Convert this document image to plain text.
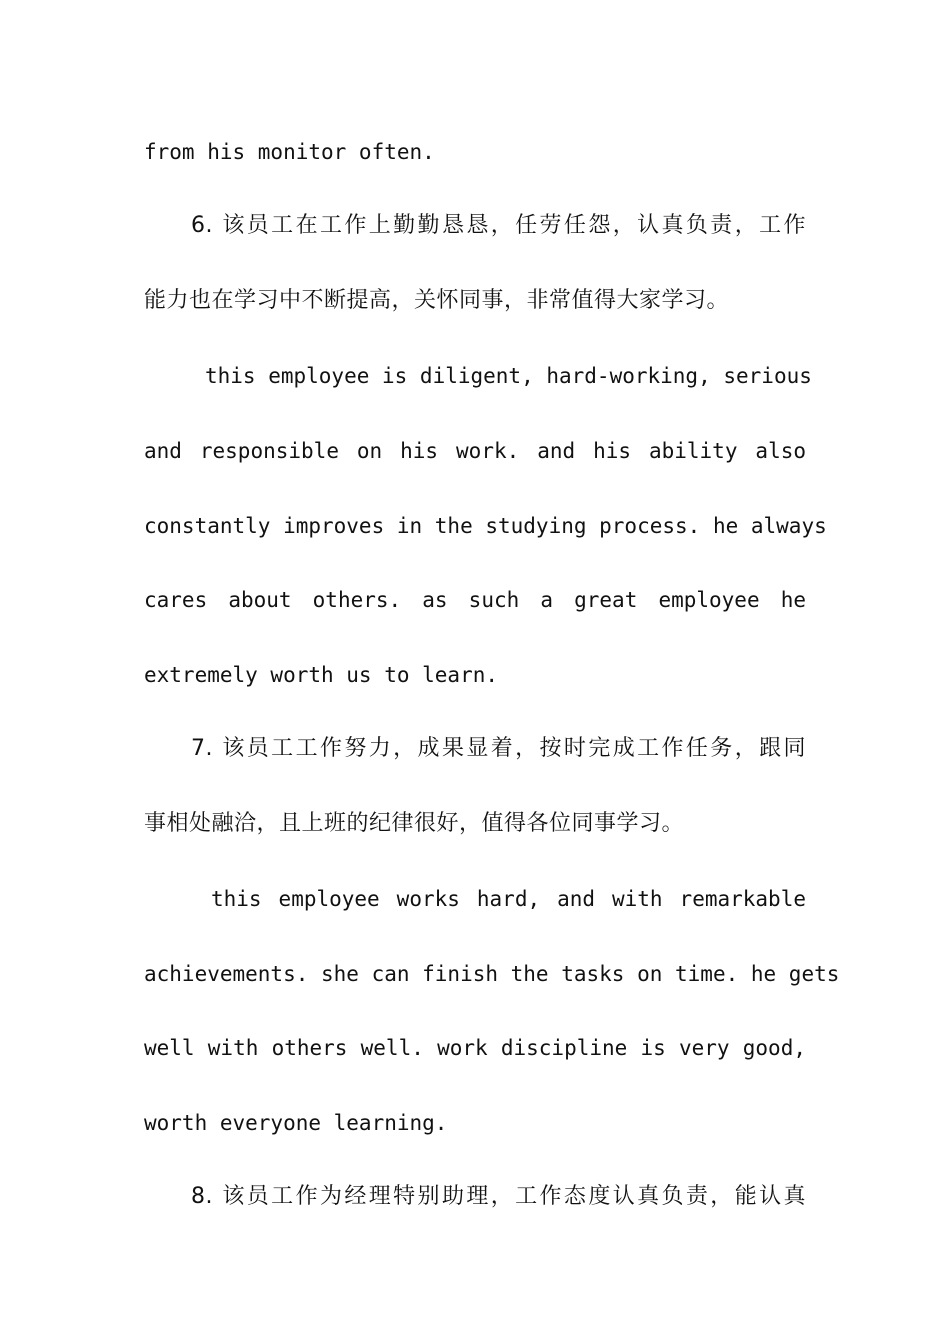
from his monitor often.

6. 该员工在工作上勤勤恳恳，任劳任怨，认真负责，工作

能力也在学习中不断提高，关怀同事，非常值得大家学习。

this employee is diligent, hard-working, serious

and responsible on his work. and his ability also

constantly improves in the studying process. he always

cares about others. as such a great employee he

extremely worth us to learn.

7. 该员工工作努力，成果显着，按时完成工作任务，跟同

事相处融洽，且上班的纪律很好，值得各位同事学习。

this employee works hard, and with remarkable

achievements. she can finish the tasks on time. he gets

well with others well. work discipline is very good,

worth everyone learning.

8. 该员工作为经理特别助理，工作态度认真负责，能认真
